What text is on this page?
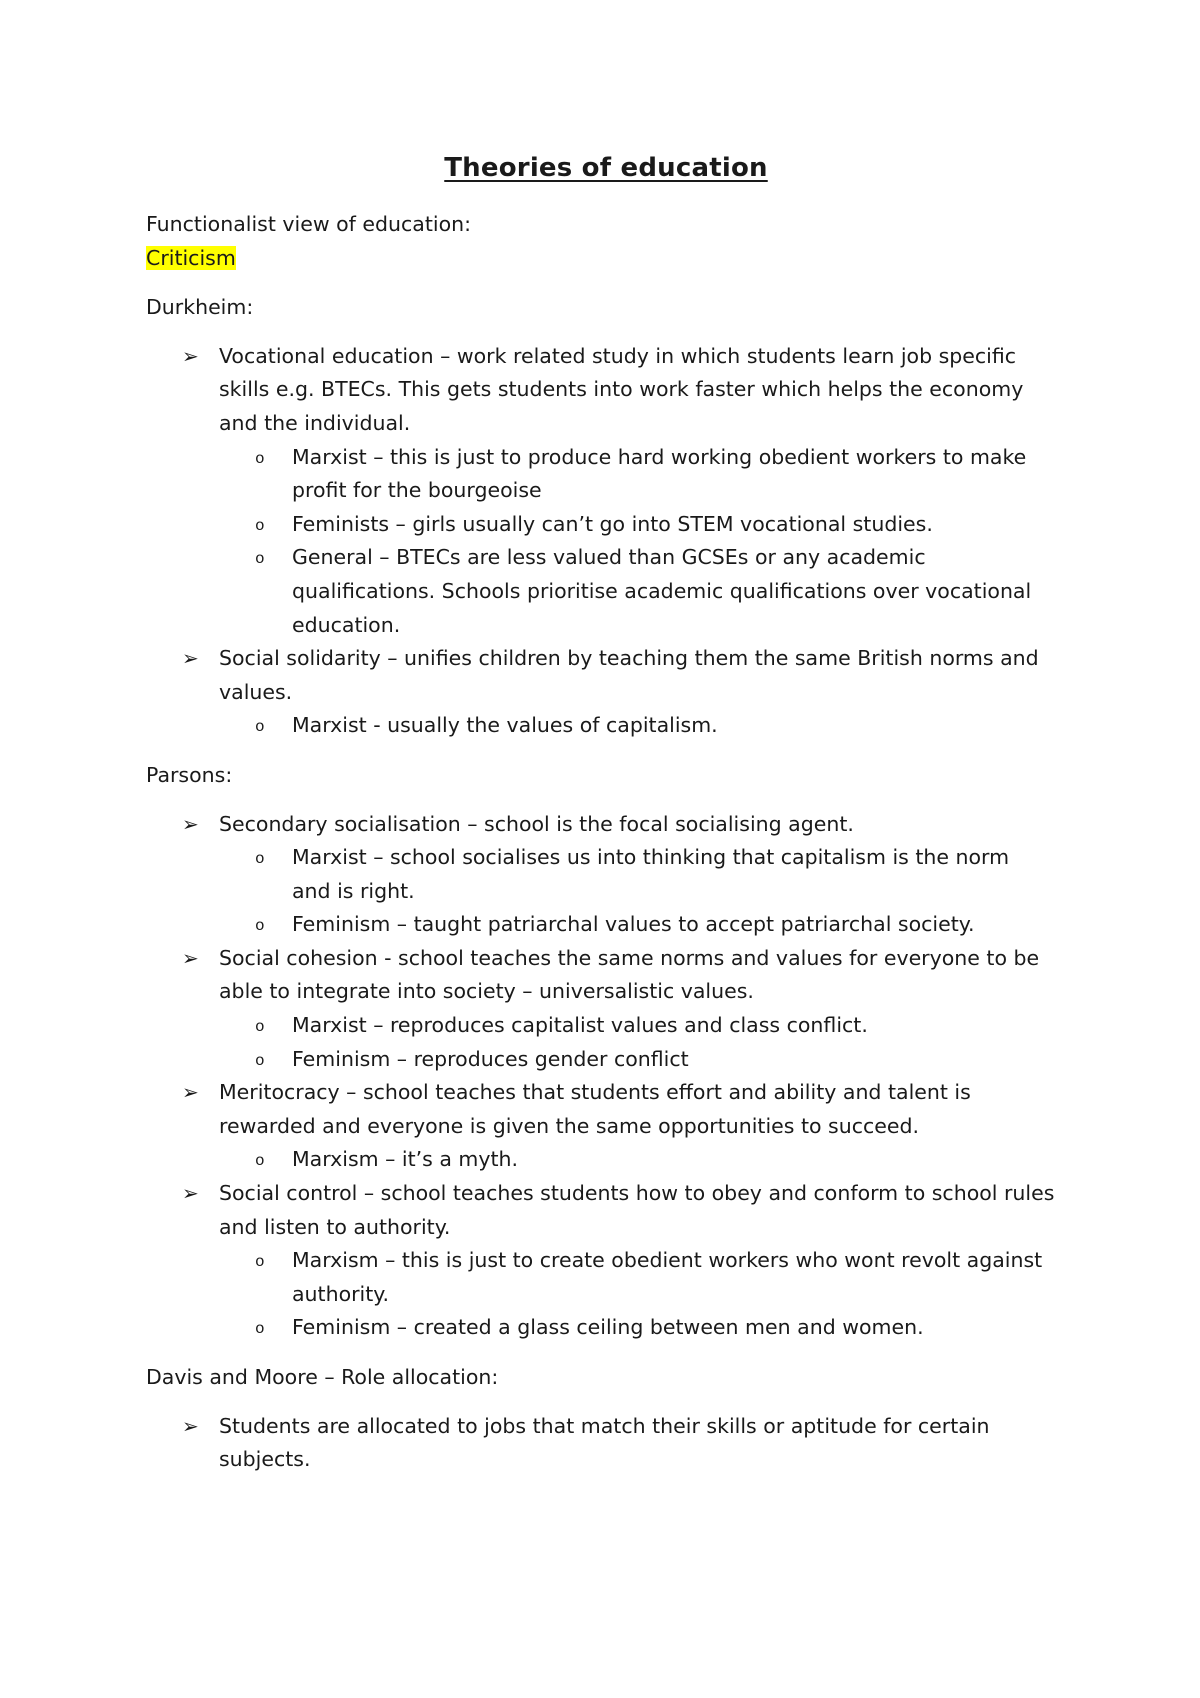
Theories of education

Functionalist view of education:

Criticism

Durkheim:

➢ Vocational education – work related study in which students learn job specific
skills e.g. BTECs. This gets students into work faster which helps the economy
and the individual.
o Marxist – this is just to produce hard working obedient workers to make
profit for the bourgeoise
o Feminists – girls usually can’t go into STEM vocational studies.
o General – BTECs are less valued than GCSEs or any academic
qualifications. Schools prioritise academic qualifications over vocational
education.
➢ Social solidarity – unifies children by teaching them the same British norms and
values.
o Marxist - usually the values of capitalism.

Parsons:

➢ Secondary socialisation – school is the focal socialising agent.
o Marxist – school socialises us into thinking that capitalism is the norm
and is right.
o Feminism – taught patriarchal values to accept patriarchal society.
➢ Social cohesion - school teaches the same norms and values for everyone to be
able to integrate into society – universalistic values.
o Marxist – reproduces capitalist values and class conflict.
o Feminism – reproduces gender conflict
➢ Meritocracy – school teaches that students effort and ability and talent is
rewarded and everyone is given the same opportunities to succeed.
o Marxism – it’s a myth.
➢ Social control – school teaches students how to obey and conform to school rules
and listen to authority.
o Marxism – this is just to create obedient workers who wont revolt against
authority.
o Feminism – created a glass ceiling between men and women.

Davis and Moore – Role allocation:

➢ Students are allocated to jobs that match their skills or aptitude for certain
subjects.
